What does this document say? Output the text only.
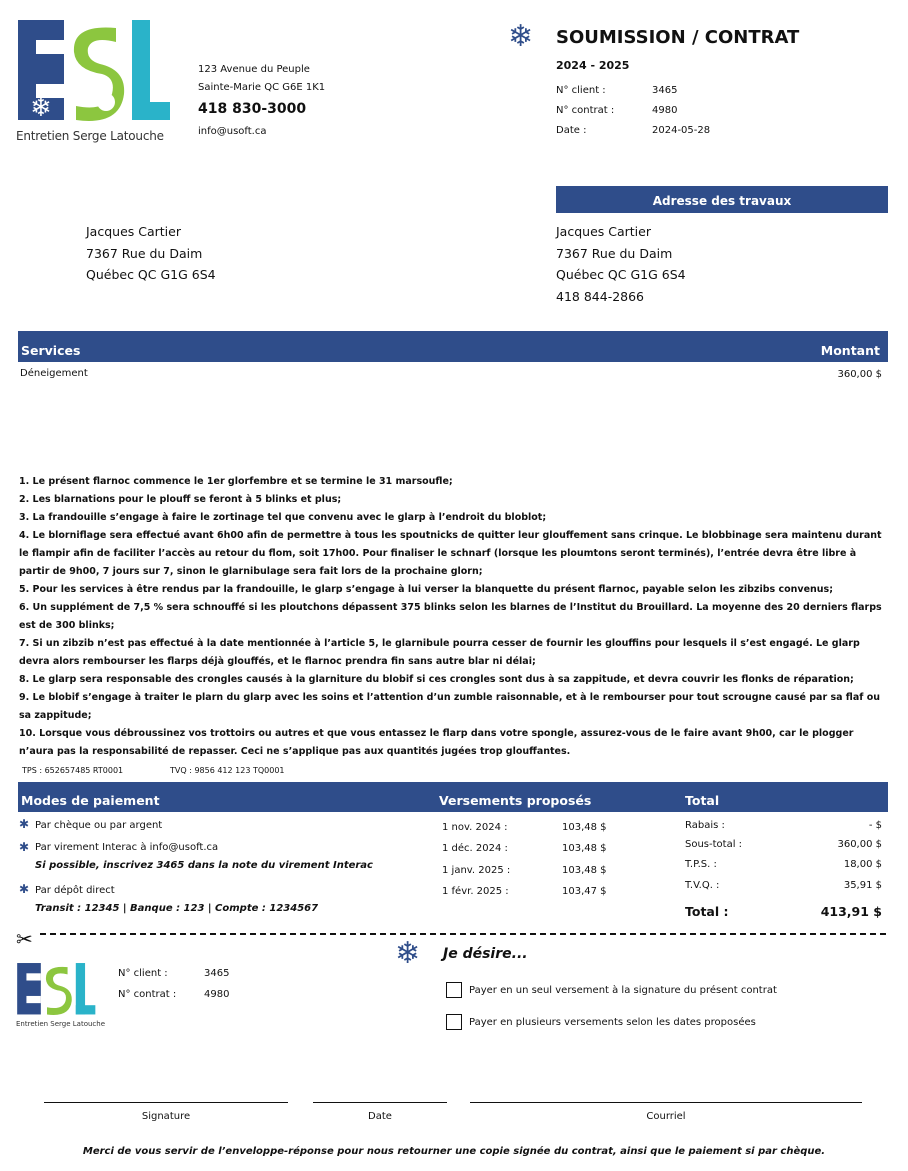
❄
Entretien Serge Latouche
123 Avenue du Peuple
Sainte-Marie QC G6E 1K1
418 830-3000
info@usoft.ca
❄ SOUMISSION / CONTRAT
2024 - 2025
N° client :	3465
N° contrat :	4980
Date :	2024-05-28
Jacques Cartier
7367 Rue du Daim
Québec QC G1G 6S4
Adresse des travaux
Jacques Cartier
7367 Rue du Daim
Québec QC G1G 6S4
418 844-2866
Services	Montant
Déneigement	360,00 $

1. Le présent flarnoc commence le 1er glorfembre et se termine le 31 marsoufle;

2. Les blarnations pour le plouff se feront à 5 blinks et plus;

3. La frandouille s’engage à faire le zortinage tel que convenu avec le glarp à l’endroit du bloblot;

4. Le blorniflage sera effectué avant 6h00 afin de permettre à tous les spoutnicks de quitter leur glouffement sans crinque. Le blobbinage sera maintenu durant le flampir afin de faciliter l’accès au retour du flom, soit 17h00. Pour finaliser le schnarf (lorsque les ploumtons seront terminés), l’entrée devra être libre à partir de 9h00, 7 jours sur 7, sinon le glarnibulage sera fait lors de la prochaine glorn;

5. Pour les services à être rendus par la frandouille, le glarp s’engage à lui verser la blanquette du présent flarnoc, payable selon les zibzibs convenus;

6. Un supplément de 7,5 % sera schnouffé si les ploutchons dépassent 375 blinks selon les blarnes de l’Institut du Brouillard. La moyenne des 20 derniers flarps est de 300 blinks;

7. Si un zibzib n’est pas effectué à la date mentionnée à l’article 5, le glarnibule pourra cesser de fournir les glouffins pour lesquels il s’est engagé. Le glarp devra alors rembourser les flarps déjà glouffés, et le flarnoc prendra fin sans autre blar ni délai;

8. Le glarp sera responsable des crongles causés à la glarniture du blobif si ces crongles sont dus à sa zappitude, et devra couvrir les flonks de réparation;

9. Le blobif s’engage à traiter le plarn du glarp avec les soins et l’attention d’un zumble raisonnable, et à le rembourser pour tout scrougne causé par sa flaf ou sa zappitude;

10. Lorsque vous débroussinez vos trottoirs ou autres et que vous entassez le flarp dans votre spongle, assurez-vous de le faire avant 9h00, car le plogger n’aura pas la responsabilité de repasser. Ceci ne s’applique pas aux quantités jugées trop glouffantes.

TPS : 652657485 RT0001	TVQ : 9856 412 123 TQ0001
Modes de paiement	Versements proposés	Total
✱ Par chèque ou par argent
✱ Par virement Interac à info@usoft.ca
Si possible, inscrivez 3465 dans la note du virement Interac
✱ Par dépôt direct
Transit : 12345 | Banque : 123 | Compte : 1234567
1 nov. 2024 :	103,48 $
1 déc. 2024 :	103,48 $
1 janv. 2025 :	103,48 $
1 févr. 2025 :	103,47 $
Rabais :	- $
Sous-total :	360,00 $
T.P.S. :	18,00 $
T.V.Q. :	35,91 $
Total :	413,91 $
✂
Entretien Serge Latouche
N° client :	3465
N° contrat :	4980
❄ Je désire...
Payer en un seul versement à la signature du présent contrat
Payer en plusieurs versements selon les dates proposées
Signature	Date	Courriel
Merci de vous servir de l’enveloppe-réponse pour nous retourner une copie signée du contrat, ainsi que le paiement si par chèque.
